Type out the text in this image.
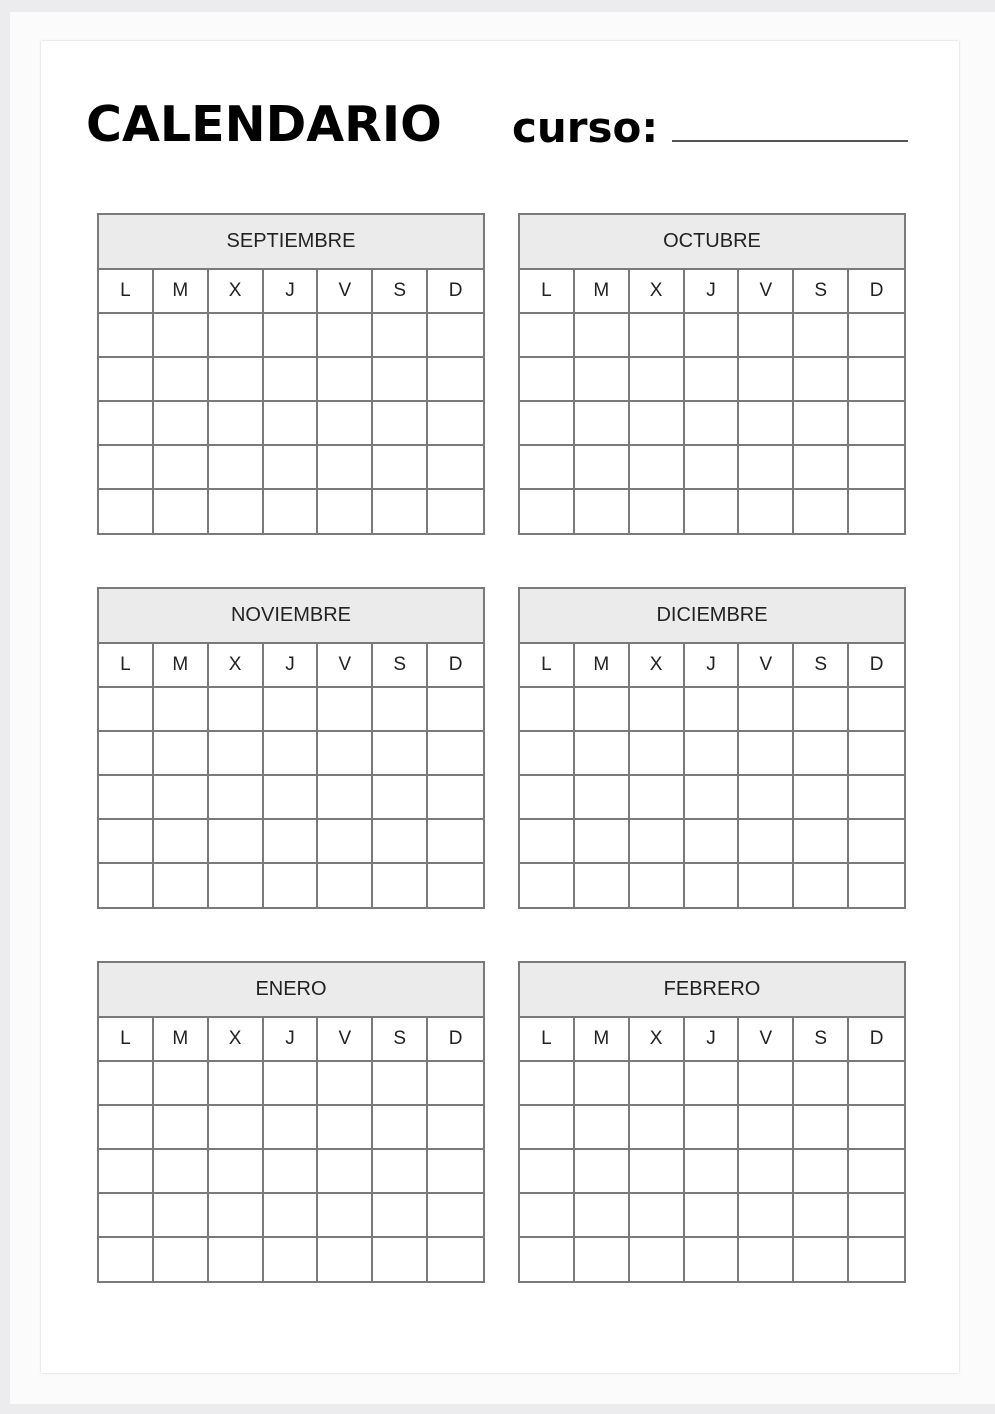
CALENDARIO curso:
SEPTIEMBRE
L	M	X	J	V	S	D
OCTUBRE
L	M	X	J	V	S	D
NOVIEMBRE
L	M	X	J	V	S	D
DICIEMBRE
L	M	X	J	V	S	D
ENERO
L	M	X	J	V	S	D
FEBRERO
L	M	X	J	V	S	D
